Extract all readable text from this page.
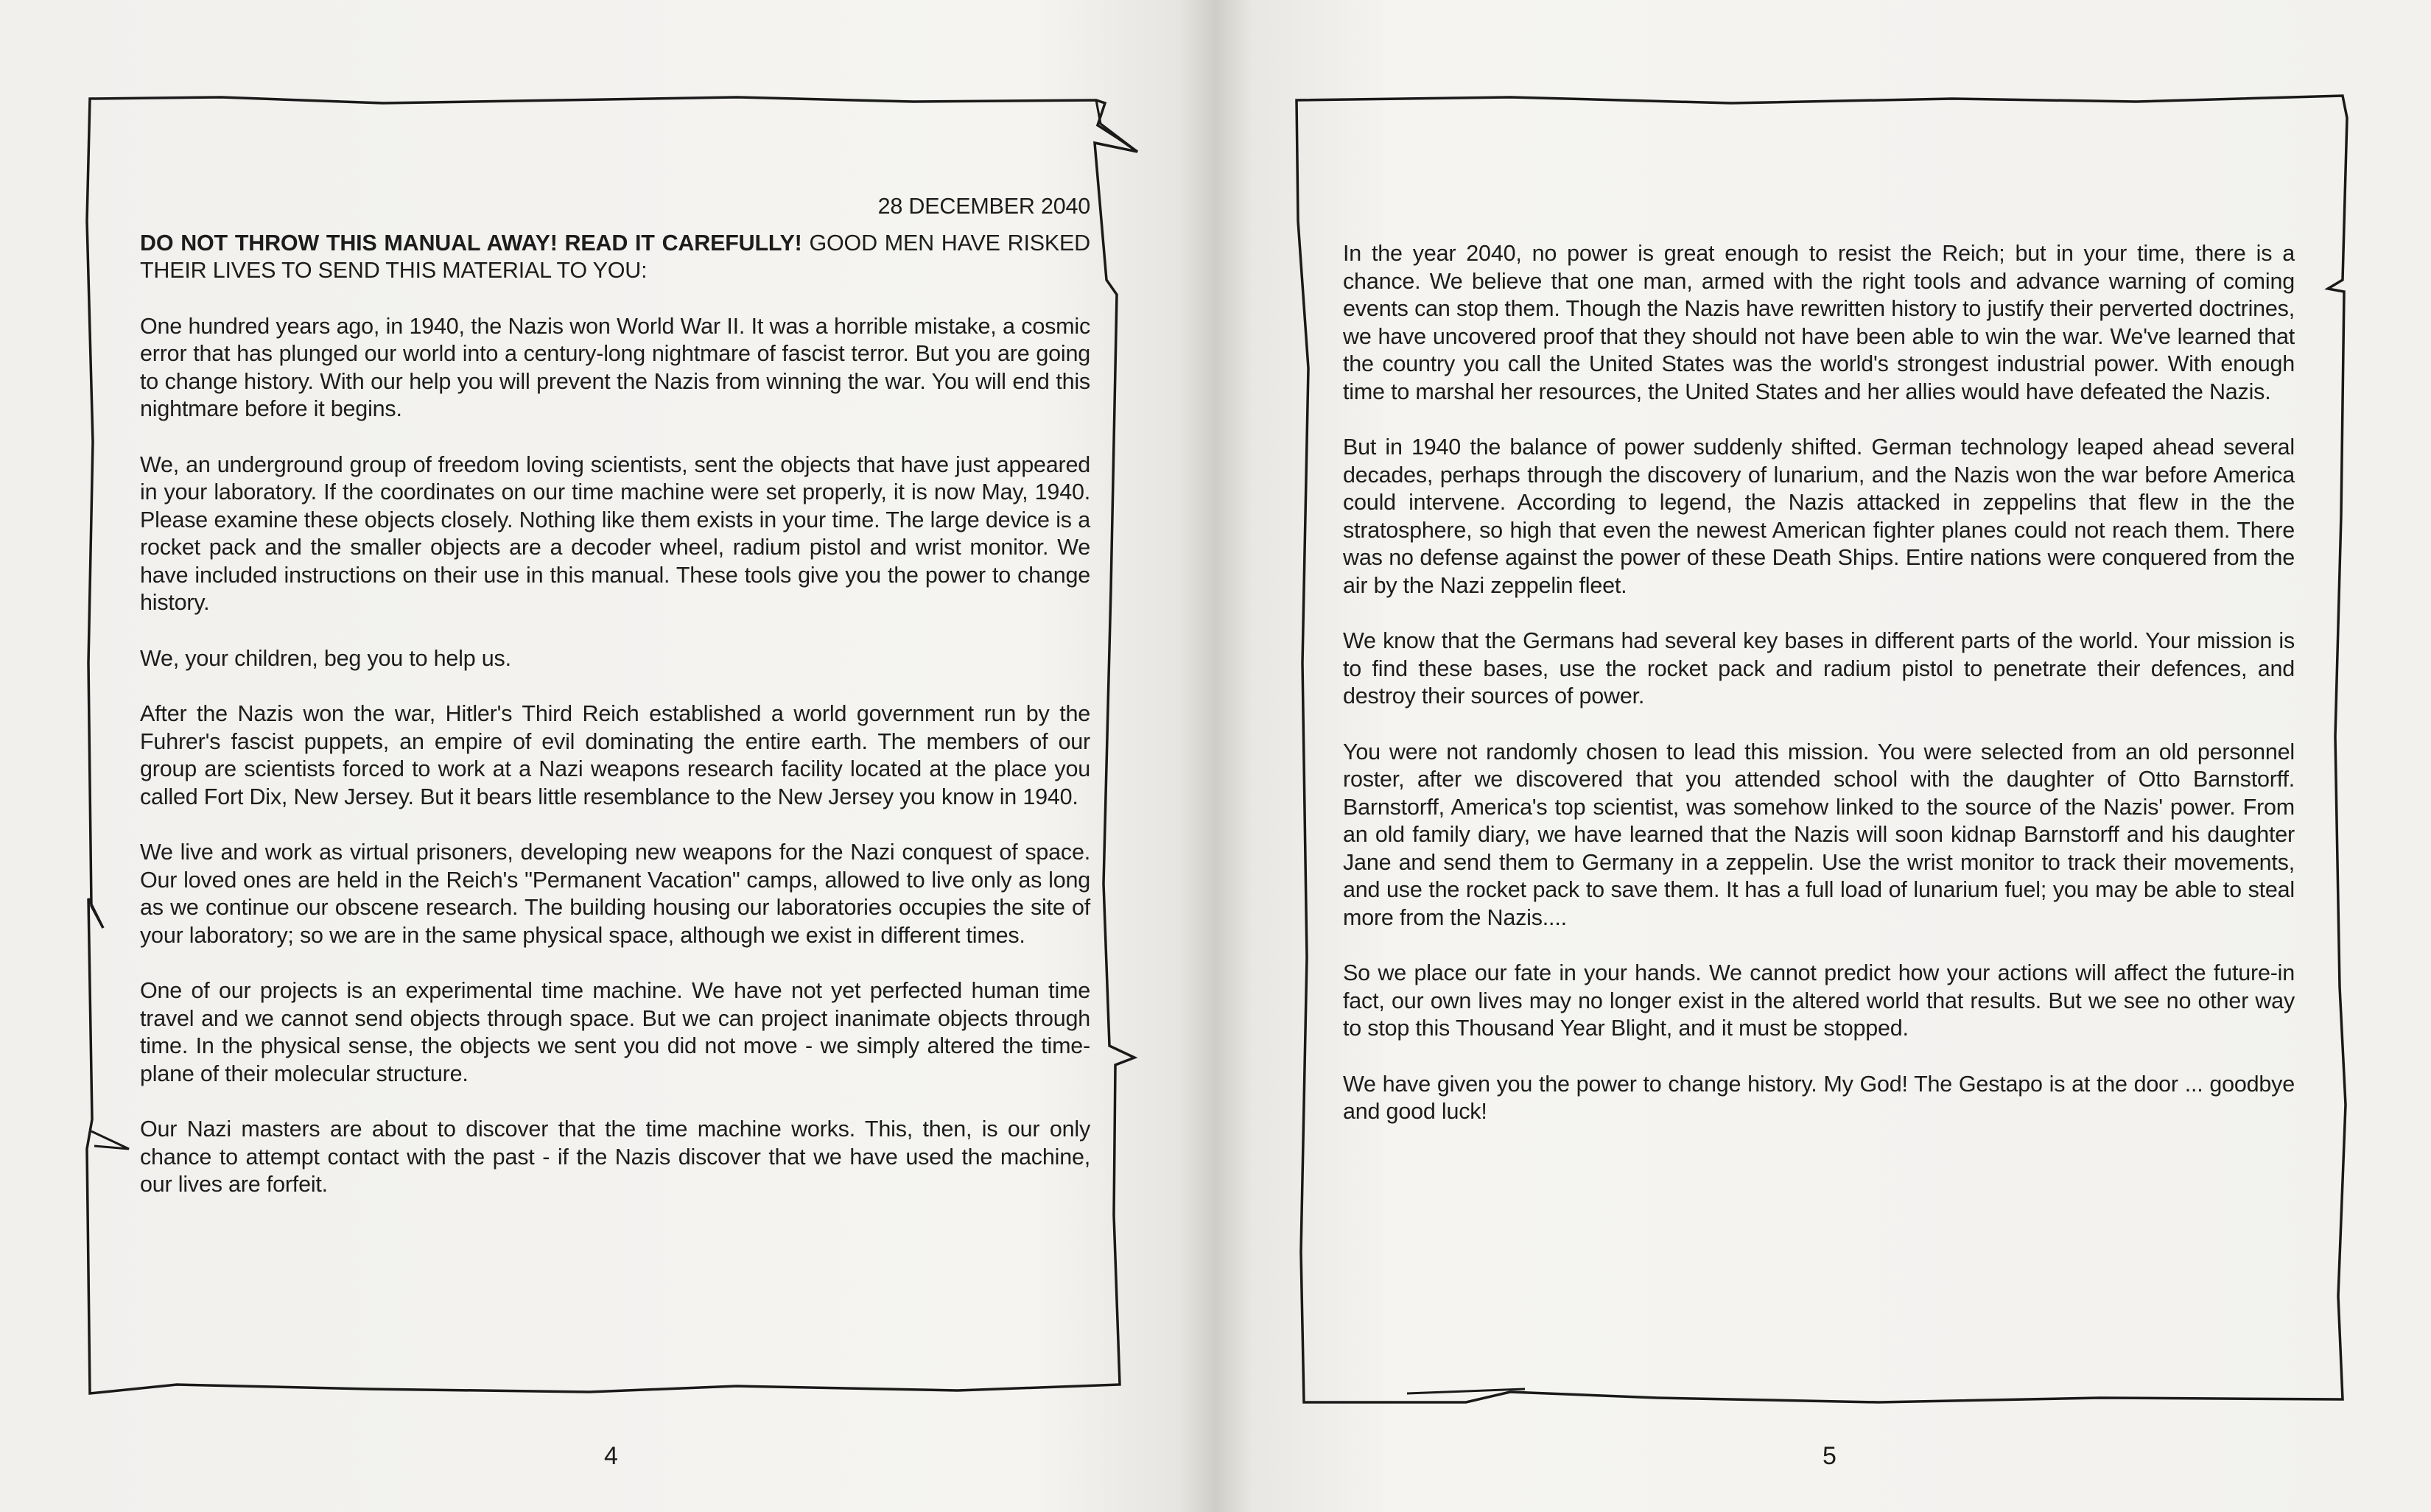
28 DECEMBER 2040

DO NOT THROW THIS MANUAL AWAY! READ IT CAREFULLY! GOOD MEN HAVE RISKED THEIR LIVES TO SEND THIS MATERIAL TO YOU:

One hundred years ago, in 1940, the Nazis won World War II. It was a horrible mistake, a cosmic error that has plunged our world into a century-long nightmare of fascist terror. But you are going to change history. With our help you will prevent the Nazis from winning the war. You will end this nightmare before it begins.

We, an underground group of freedom loving scientists, sent the objects that have just appeared in your laboratory. If the coordinates on our time machine were set properly, it is now May, 1940. Please examine these objects closely. Nothing like them exists in your time. The large device is a rocket pack and the smaller objects are a decoder wheel, radium pistol and wrist monitor. We have included instructions on their use in this manual. These tools give you the power to change history.

We, your children, beg you to help us.

After the Nazis won the war, Hitler's Third Reich established a world government run by the Fuhrer's fascist puppets, an empire of evil dominating the entire earth. The members of our group are scientists forced to work at a Nazi weapons research facility located at the place you called Fort Dix, New Jersey. But it bears little resemblance to the New Jersey you know in 1940.

We live and work as virtual prisoners, developing new weapons for the Nazi conquest of space. Our loved ones are held in the Reich's "Permanent Vacation" camps, allowed to live only as long as we continue our obscene research. The building housing our laboratories occupies the site of your laboratory; so we are in the same physical space, although we exist in different times.

One of our projects is an experimental time machine. We have not yet perfected human time travel and we cannot send objects through space. But we can project inanimate objects through time. In the physical sense, the objects we sent you did not move - we simply altered the time-plane of their molecular structure.

Our Nazi masters are about to discover that the time machine works. This, then, is our only chance to attempt contact with the past - if the Nazis discover that we have used the machine, our lives are forfeit.

4

In the year 2040, no power is great enough to resist the Reich; but in your time, there is a chance. We believe that one man, armed with the right tools and advance warning of coming events can stop them. Though the Nazis have rewritten history to justify their perverted doctrines, we have uncovered proof that they should not have been able to win the war. We've learned that the country you call the United States was the world's strongest industrial power. With enough time to marshal her resources, the United States and her allies would have defeated the Nazis.

But in 1940 the balance of power suddenly shifted. German technology leaped ahead several decades, perhaps through the discovery of lunarium, and the Nazis won the war before America could intervene. According to legend, the Nazis attacked in zeppelins that flew in the the stratosphere, so high that even the newest American fighter planes could not reach them. There was no defense against the power of these Death Ships. Entire nations were conquered from the air by the Nazi zeppelin fleet.

We know that the Germans had several key bases in different parts of the world. Your mission is to find these bases, use the rocket pack and radium pistol to penetrate their defences, and destroy their sources of power.

You were not randomly chosen to lead this mission. You were selected from an old personnel roster, after we discovered that you attended school with the daughter of Otto Barnstorff. Barnstorff, America's top scientist, was somehow linked to the source of the Nazis' power. From an old family diary, we have learned that the Nazis will soon kidnap Barnstorff and his daughter Jane and send them to Germany in a zeppelin. Use the wrist monitor to track their movements, and use the rocket pack to save them. It has a full load of lunarium fuel; you may be able to steal more from the Nazis....

So we place our fate in your hands. We cannot predict how your actions will affect the future-in fact, our own lives may no longer exist in the altered world that results. But we see no other way to stop this Thousand Year Blight, and it must be stopped.

We have given you the power to change history. My God! The Gestapo is at the door ... goodbye and good luck!

5
